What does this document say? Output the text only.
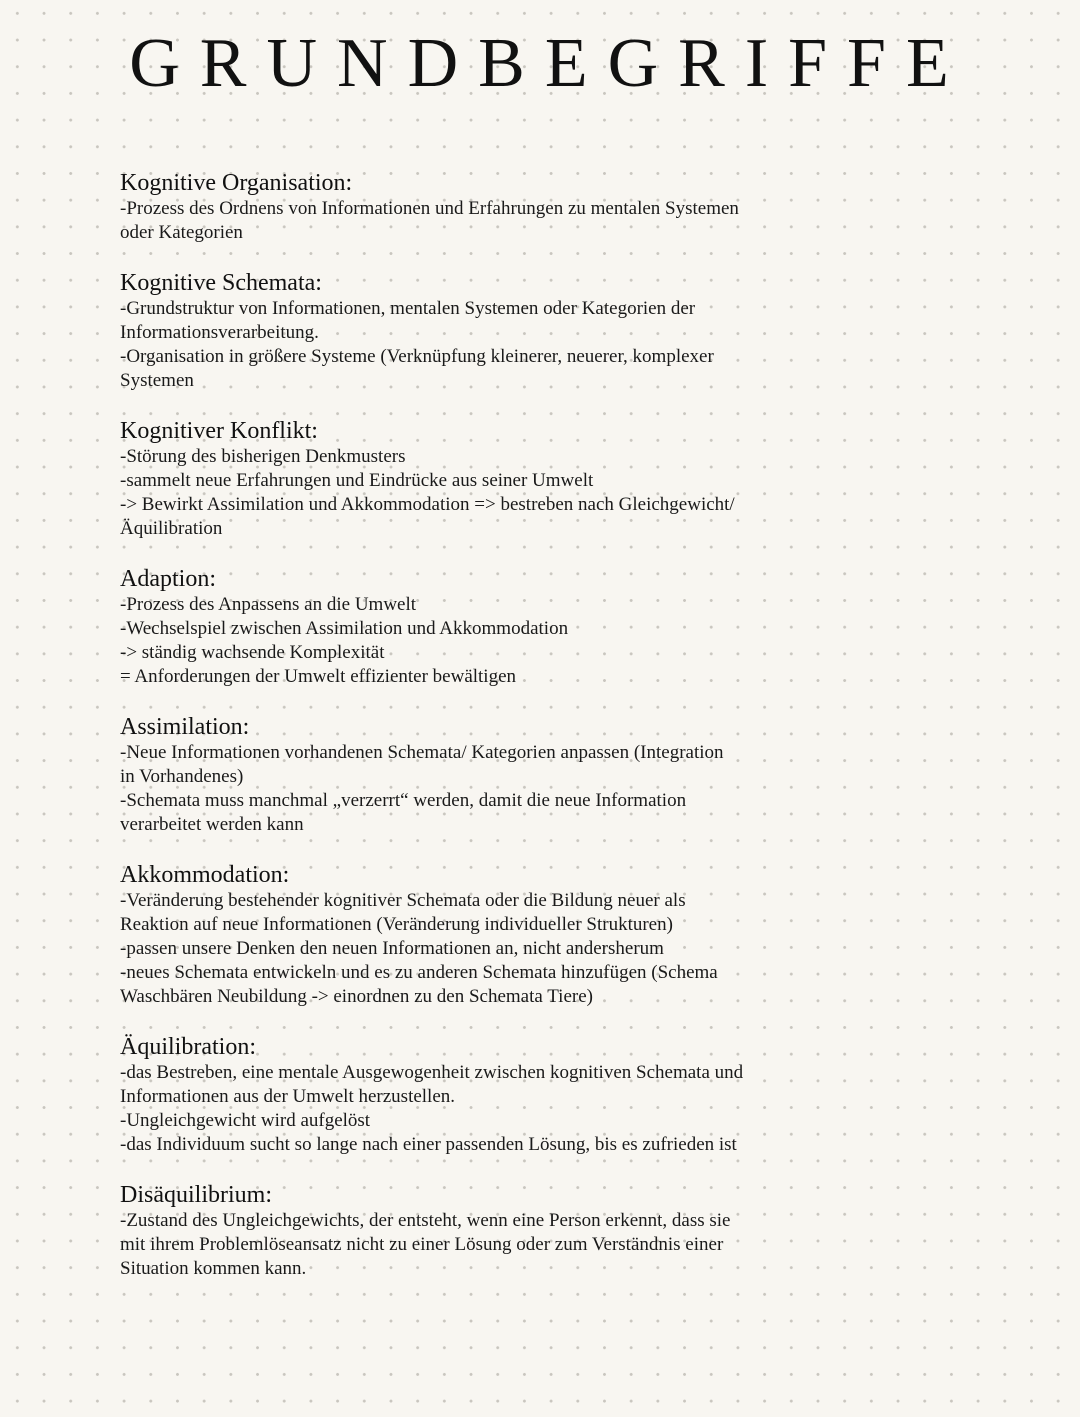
GRUNDBEGRIFFE

Kognitive Organisation:

-Prozess des Ordnens von Informationen und Erfahrungen zu mentalen Systemen

oder Kategorien

Kognitive Schemata:

-Grundstruktur von Informationen, mentalen Systemen oder Kategorien der

Informationsverarbeitung.

-Organisation in größere Systeme (Verknüpfung kleinerer, neuerer, komplexer

Systemen

Kognitiver Konflikt:

-Störung des bisherigen Denkmusters

-sammelt neue Erfahrungen und Eindrücke aus seiner Umwelt

-> Bewirkt Assimilation und Akkommodation => bestreben nach Gleichgewicht/

Äquilibration

Adaption:

-Prozess des Anpassens an die Umwelt

-Wechselspiel zwischen Assimilation und Akkommodation

-> ständig wachsende Komplexität

= Anforderungen der Umwelt effizienter bewältigen

Assimilation:

-Neue Informationen vorhandenen Schemata/ Kategorien anpassen (Integration

in Vorhandenes)

-Schemata muss manchmal „verzerrt“ werden, damit die neue Information

verarbeitet werden kann

Akkommodation:

-Veränderung bestehender kognitiver Schemata oder die Bildung neuer als

Reaktion auf neue Informationen (Veränderung individueller Strukturen)

-passen unsere Denken den neuen Informationen an, nicht andersherum

-neues Schemata entwickeln und es zu anderen Schemata hinzufügen (Schema

Waschbären Neubildung -> einordnen zu den Schemata Tiere)

Äquilibration:

-das Bestreben, eine mentale Ausgewogenheit zwischen kognitiven Schemata und

Informationen aus der Umwelt herzustellen.

-Ungleichgewicht wird aufgelöst

-das Individuum sucht so lange nach einer passenden Lösung, bis es zufrieden ist

Disäquilibrium:

-Zustand des Ungleichgewichts, der entsteht, wenn eine Person erkennt, dass sie

mit ihrem Problemlöseansatz nicht zu einer Lösung oder zum Verständnis einer

Situation kommen kann.
